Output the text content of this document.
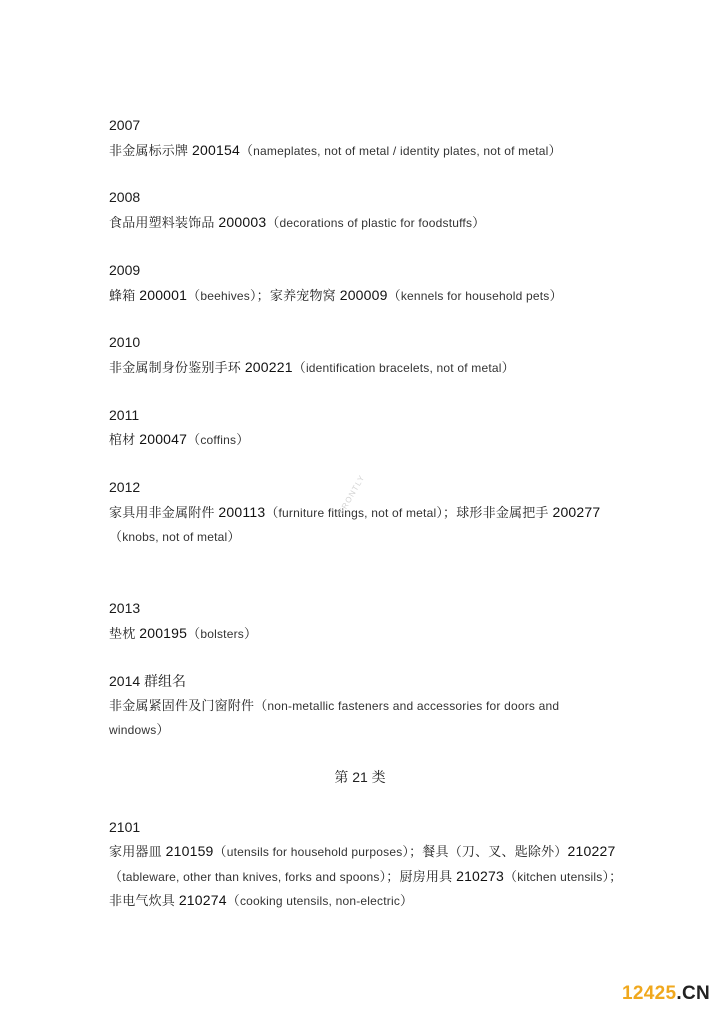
2007
非金属标示牌 200154（nameplates, not of metal / identity plates, not of metal）
2008
食品用塑料装饰品 200003（decorations of plastic for foodstuffs）
2009
蜂箱 200001（beehives）；家养宠物窝 200009（kennels for household pets）
2010
非金属制身份鉴别手环 200221（identification bracelets, not of metal）
2011
棺材 200047（coffins）
2012
家具用非金属附件 200113（furniture fittings, not of metal）；球形非金属把手 200277
（knobs, not of metal）
FRONTLY
2013
垫枕 200195（bolsters）
2014 群组名
非金属紧固件及门窗附件（non-metallic fasteners and accessories for doors and
windows）
第 21 类
2101
家用器皿 210159（utensils for household purposes）；餐具（刀、叉、匙除外）210227
（tableware, other than knives, forks and spoons）；厨房用具 210273（kitchen utensils）；
非电气炊具 210274（cooking utensils, non-electric）
12425.CN
